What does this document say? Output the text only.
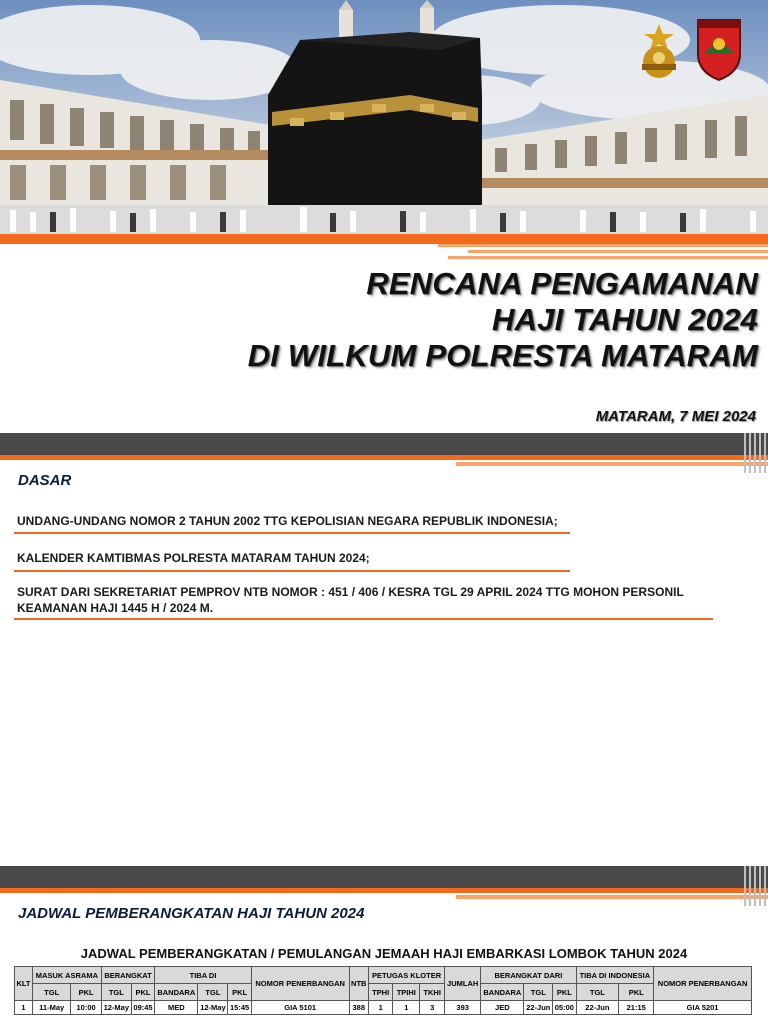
RENCANA PENGAMANAN
HAJI TAHUN 2024
DI WILKUM POLRESTA MATARAM
MATARAM, 7 MEI 2024
DASAR
UNDANG-UNDANG NOMOR 2 TAHUN 2002 TTG KEPOLISIAN NEGARA REPUBLIK INDONESIA;
KALENDER KAMTIBMAS POLRESTA MATARAM TAHUN 2024;
SURAT DARI SEKRETARIAT PEMPROV NTB NOMOR : 451 / 406 / KESRA TGL 29 APRIL 2024 TTG MOHON PERSONIL
KEAMANAN HAJI 1445 H / 2024 M.
JADWAL PEMBERANGKATAN HAJI TAHUN 2024
JADWAL PEMBERANGKATAN / PEMULANGAN JEMAAH HAJI EMBARKASI LOMBOK TAHUN 2024
KLT	MASUK ASRAMA		BERANGKAT		TIBA DI			NOMOR PENERBANGAN	NTB	PETUGAS KLOTER			JUMLAH	BERANGKAT DARI			TIBA DI INDONESIA		NOMOR PENERBANGAN
	TGL	PKL	TGL	PKL	BANDARA	TGL	PKL			TPHI	TPIHI	TKHI		BANDARA	TGL	PKL	TGL	PKL	
1	11-May	10:00	12-May	09:45	MED	12-May	15:45	GIA 5101	388	1	1	3	393	JED	22-Jun	05:00	22-Jun	21:15	GIA 5201
